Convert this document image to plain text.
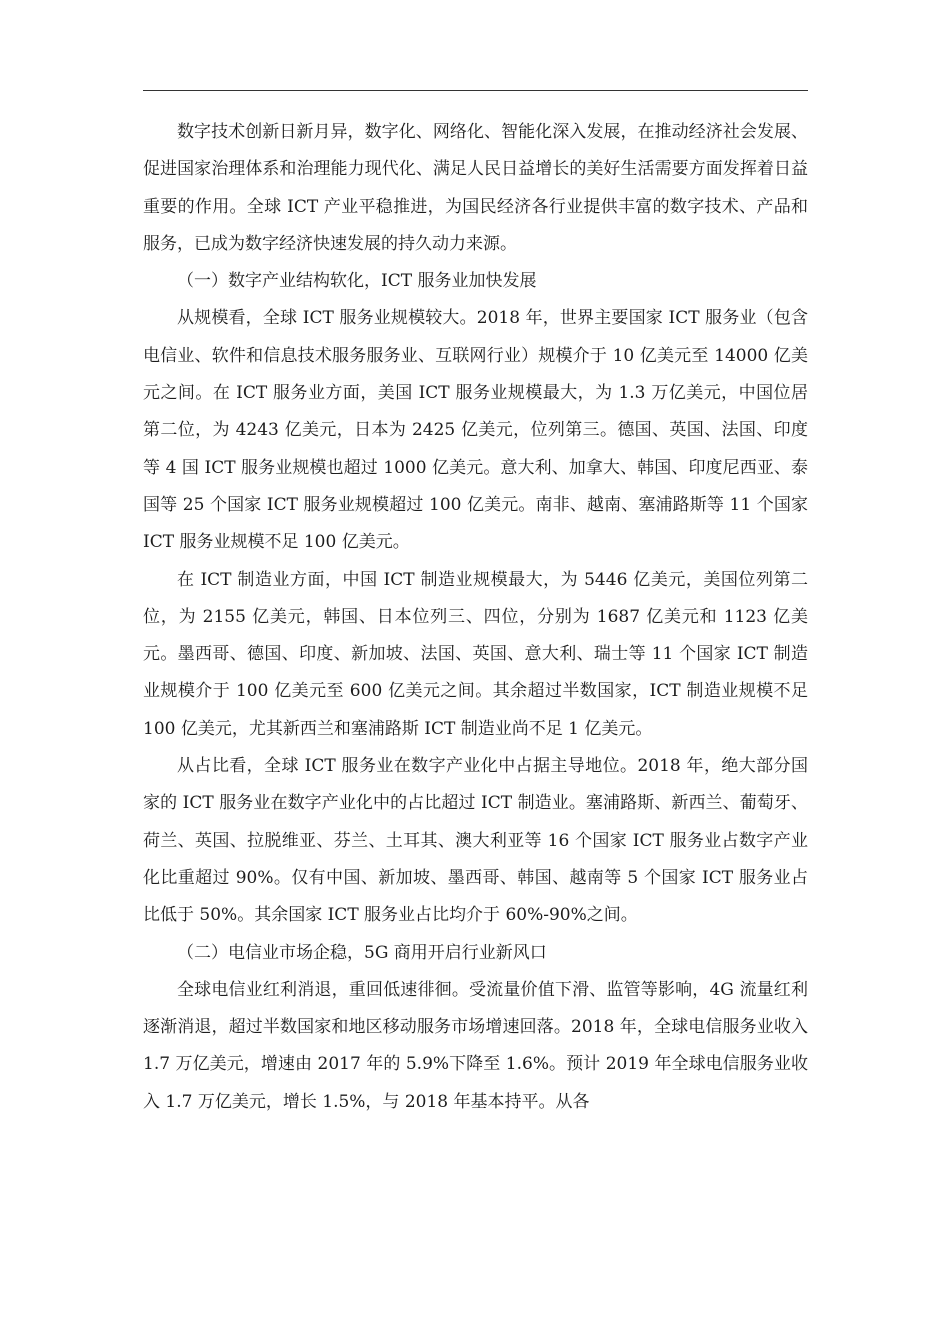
数字技术创新日新月异，数字化、网络化、智能化深入发展，在推动经济社会发展、促进国家治理体系和治理能力现代化、满足人民日益增长的美好生活需要方面发挥着日益重要的作用。全球 ICT 产业平稳推进，为国民经济各行业提供丰富的数字技术、产品和服务，已成为数字经济快速发展的持久动力来源。

（一）数字产业结构软化，ICT 服务业加快发展

从规模看，全球 ICT 服务业规模较大。2018 年，世界主要国家 ICT 服务业（包含电信业、软件和信息技术服务服务业、互联网行业）规模介于 10 亿美元至 14000 亿美元之间。在 ICT 服务业方面，美国 ICT 服务业规模最大，为 1.3 万亿美元，中国位居第二位，为 4243 亿美元，日本为 2425 亿美元，位列第三。德国、英国、法国、印度等 4 国 ICT 服务业规模也超过 1000 亿美元。意大利、加拿大、韩国、印度尼西亚、泰国等 25 个国家 ICT 服务业规模超过 100 亿美元。南非、越南、塞浦路斯等 11 个国家 ICT 服务业规模不足 100 亿美元。

在 ICT 制造业方面，中国 ICT 制造业规模最大，为 5446 亿美元，美国位列第二位，为 2155 亿美元，韩国、日本位列三、四位，分别为 1687 亿美元和 1123 亿美元。墨西哥、德国、印度、新加坡、法国、英国、意大利、瑞士等 11 个国家 ICT 制造业规模介于 100 亿美元至 600 亿美元之间。其余超过半数国家，ICT 制造业规模不足 100 亿美元，尤其新西兰和塞浦路斯 ICT 制造业尚不足 1 亿美元。

从占比看，全球 ICT 服务业在数字产业化中占据主导地位。2018 年，绝大部分国家的 ICT 服务业在数字产业化中的占比超过 ICT 制造业。塞浦路斯、新西兰、葡萄牙、荷兰、英国、拉脱维亚、芬兰、土耳其、澳大利亚等 16 个国家 ICT 服务业占数字产业化比重超过 90%。仅有中国、新加坡、墨西哥、韩国、越南等 5 个国家 ICT 服务业占比低于 50%。其余国家 ICT 服务业占比均介于 60%-90%之间。

（二）电信业市场企稳，5G 商用开启行业新风口

全球电信业红利消退，重回低速徘徊。受流量价值下滑、监管等影响，4G 流量红利逐渐消退，超过半数国家和地区移动服务市场增速回落。2018 年，全球电信服务业收入 1.7 万亿美元，增速由 2017 年的 5.9%下降至 1.6%。预计 2019 年全球电信服务业收入 1.7 万亿美元，增长 1.5%，与 2018 年基本持平。从各
